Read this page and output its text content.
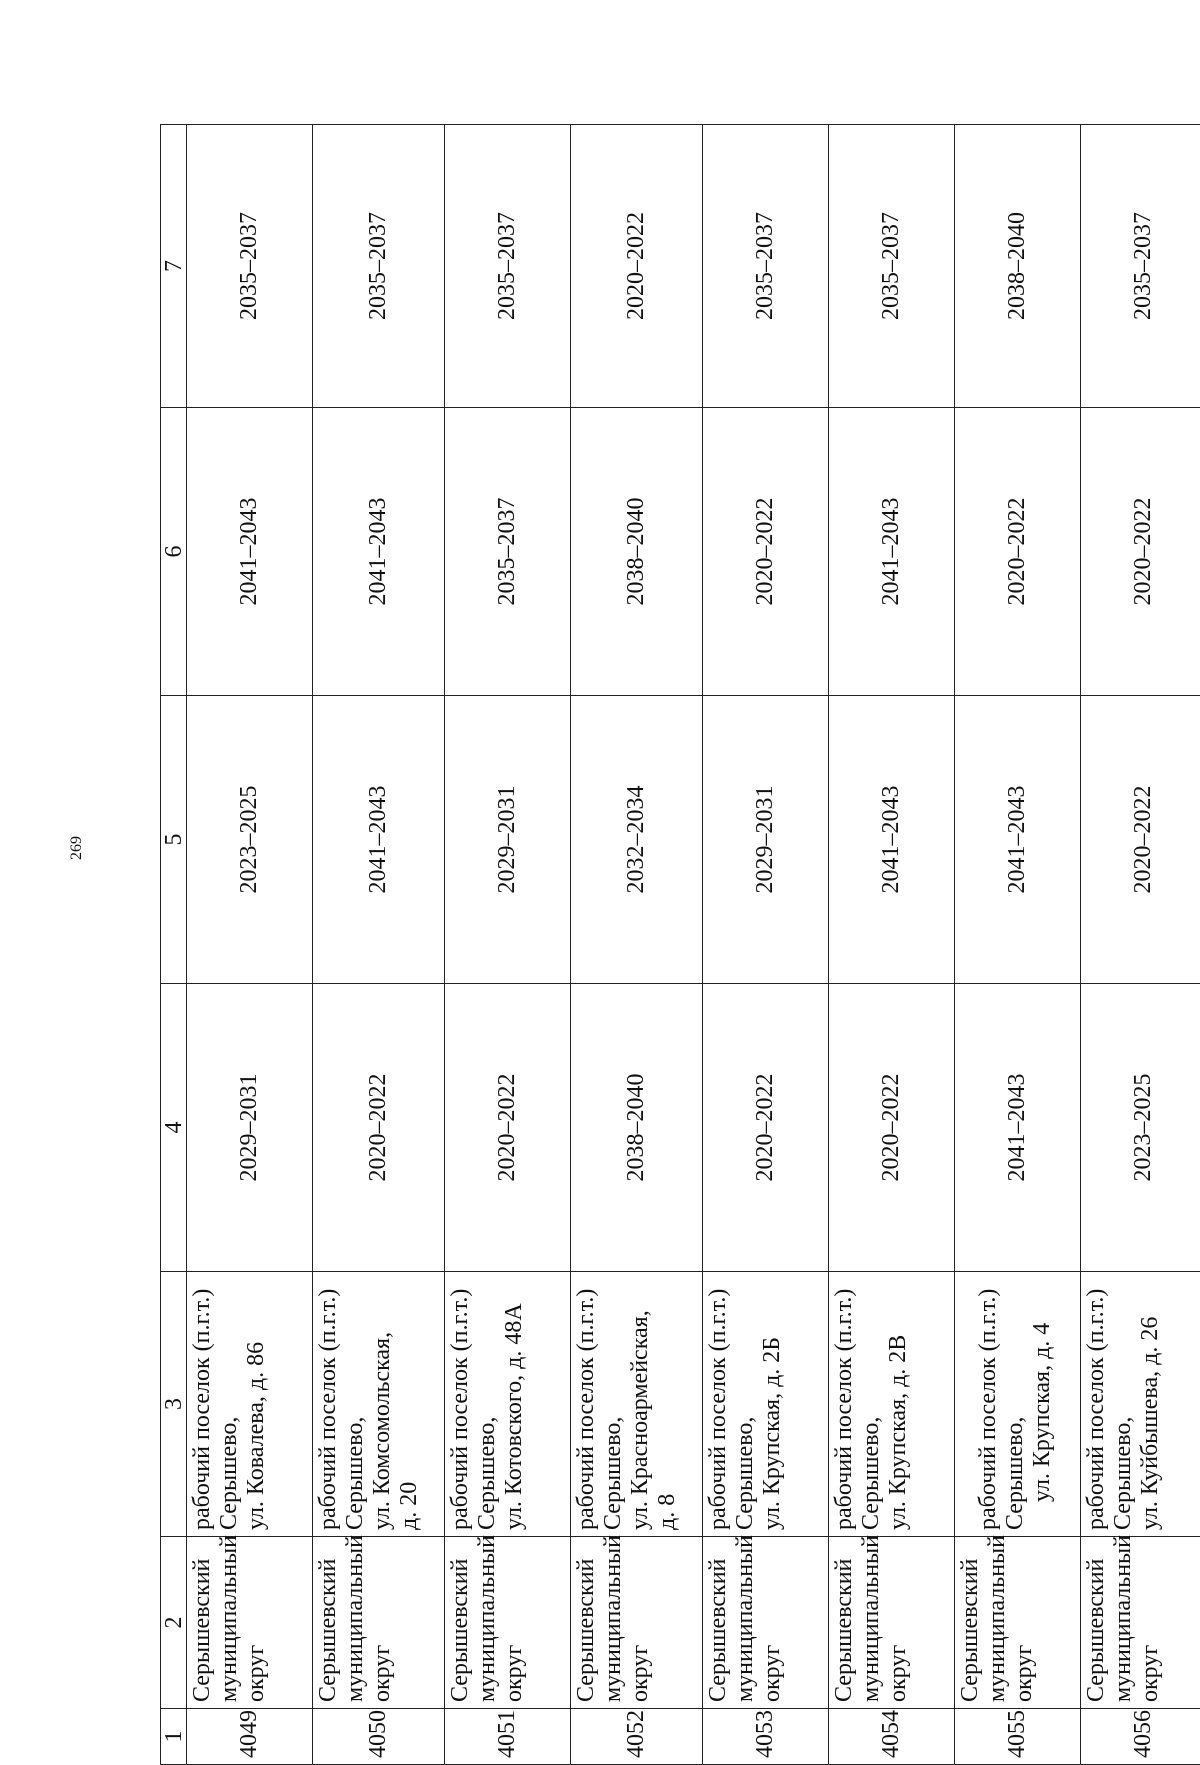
269
1	2	3	4	5	6	7
4049	Серышевский муниципальный округ	рабочий поселок (п.г.т.) Серышево, ул. Ковалева, д. 86	2029–2031	2023–2025	2041–2043	2035–2037
4050	Серышевский муниципальный округ	рабочий поселок (п.г.т.) Серышево, ул. Комсомольская, д. 20	2020–2022	2041–2043	2041–2043	2035–2037
4051	Серышевский муниципальный округ	рабочий поселок (п.г.т.) Серышево, ул. Котовского, д. 48А	2020–2022	2029–2031	2035–2037	2035–2037
4052	Серышевский муниципальный округ	рабочий поселок (п.г.т.) Серышево, ул. Красноармейская, д. 8	2038–2040	2032–2034	2038–2040	2020–2022
4053	Серышевский муниципальный округ	рабочий поселок (п.г.т.) Серышево, ул. Крупская, д. 2Б	2020–2022	2029–2031	2020–2022	2035–2037
4054	Серышевский муниципальный округ	рабочий поселок (п.г.т.) Серышево, ул. Крупская, д. 2В	2020–2022	2041–2043	2041–2043	2035–2037
4055	Серышевский муниципальный округ	рабочий поселок (п.г.т.) Серышево, ул. Крупская, д. 4	2041–2043	2041–2043	2020–2022	2038–2040
4056	Серышевский муниципальный округ	рабочий поселок (п.г.т.) Серышево, ул. Куйбышева, д. 26	2023–2025	2020–2022	2020–2022	2035–2037
